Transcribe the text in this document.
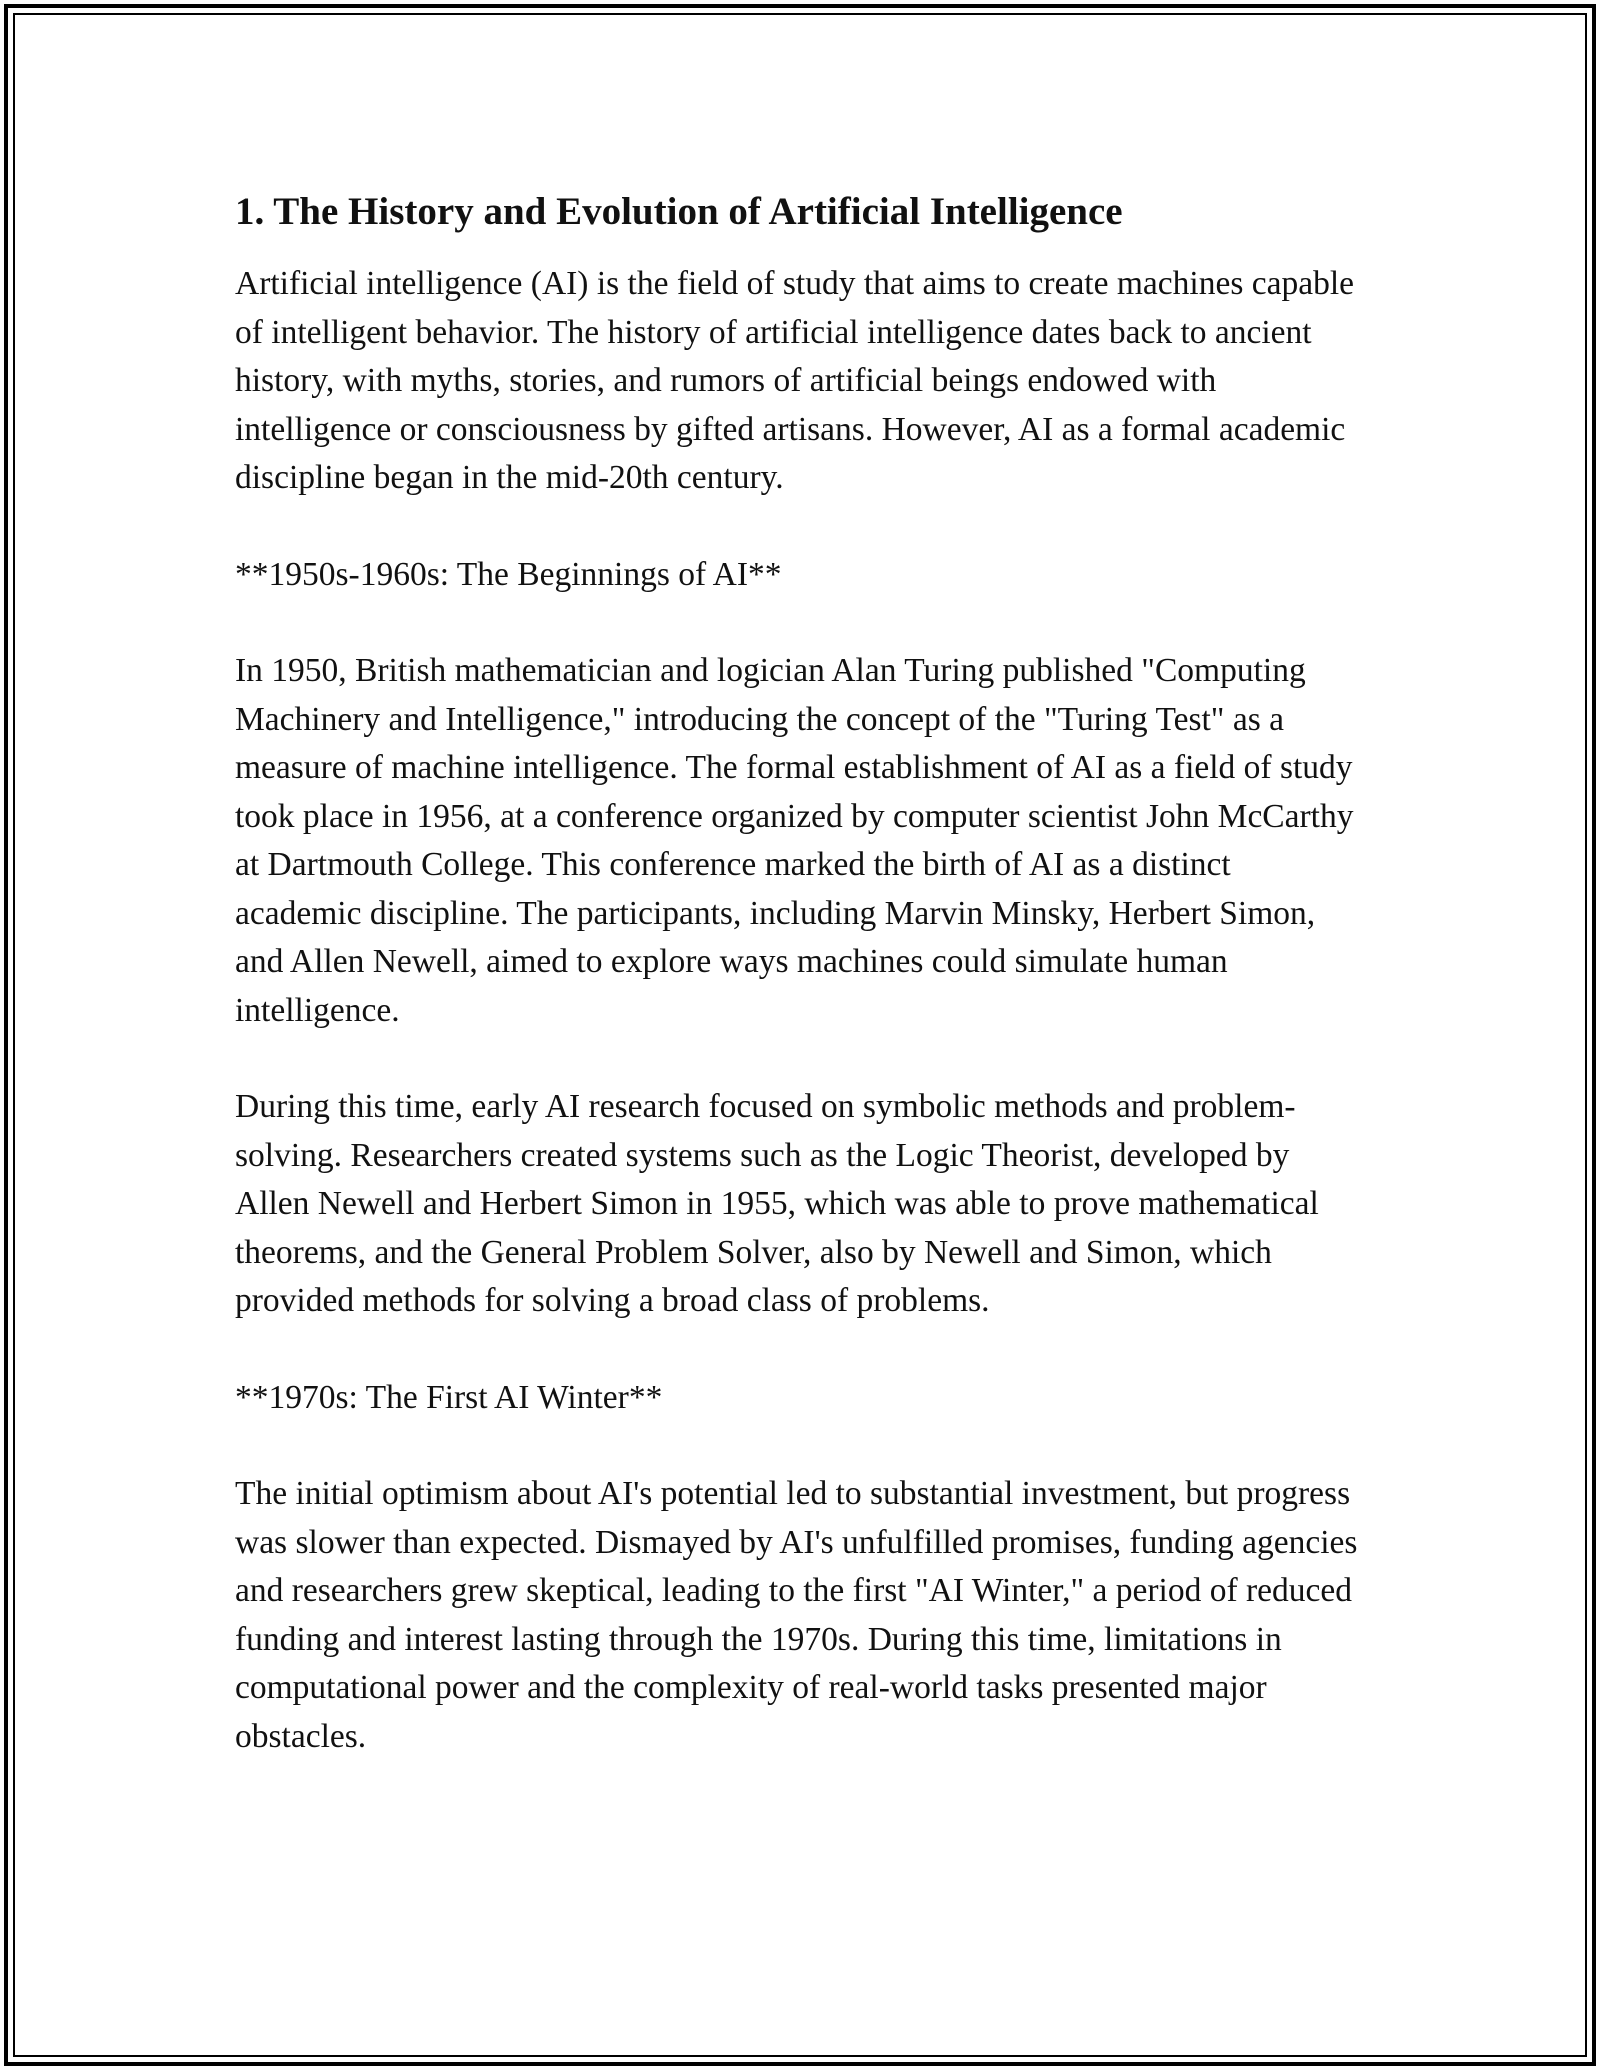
1. The History and Evolution of Artificial Intelligence

Artificial intelligence (AI) is the field of study that aims to create machines capable of intelligent behavior. The history of artificial intelligence dates back to ancient history, with myths, stories, and rumors of artificial beings endowed with intelligence or consciousness by gifted artisans. However, AI as a formal academic discipline began in the mid-20th century.

**1950s-1960s: The Beginnings of AI**

In 1950, British mathematician and logician Alan Turing published "Computing Machinery and Intelligence," introducing the concept of the "Turing Test" as a measure of machine intelligence. The formal establishment of AI as a field of study took place in 1956, at a conference organized by computer scientist John McCarthy at Dartmouth College. This conference marked the birth of AI as a distinct academic discipline. The participants, including Marvin Minsky, Herbert Simon, and Allen Newell, aimed to explore ways machines could simulate human intelligence.

During this time, early AI research focused on symbolic methods and problem-solving. Researchers created systems such as the Logic Theorist, developed by Allen Newell and Herbert Simon in 1955, which was able to prove mathematical theorems, and the General Problem Solver, also by Newell and Simon, which provided methods for solving a broad class of problems.

**1970s: The First AI Winter**

The initial optimism about AI's potential led to substantial investment, but progress was slower than expected. Dismayed by AI's unfulfilled promises, funding agencies and researchers grew skeptical, leading to the first "AI Winter," a period of reduced funding and interest lasting through the 1970s. During this time, limitations in computational power and the complexity of real-world tasks presented major obstacles.
